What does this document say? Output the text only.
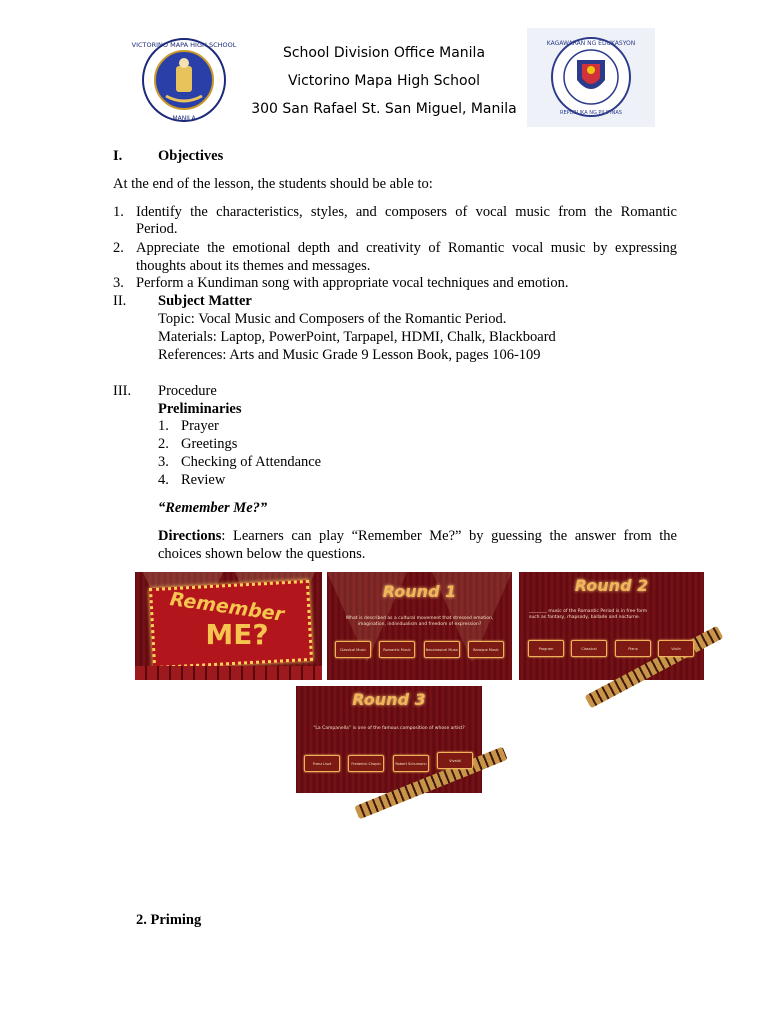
VICTORINO MAPA HIGH SCHOOL
MANILA
School Division Office Manila
Victorino Mapa High School
300 San Rafael St. San Miguel, Manila
KAGAWARAN NG EDUKASYON
REPUBLIKA NG PILIPINAS
I. Objectives
At the end of the lesson, the students should be able to:
1. Identify the characteristics, styles, and composers of vocal music from the Romantic
Period.
2. Appreciate the emotional depth and creativity of Romantic vocal music by expressing
thoughts about its themes and messages.
3. Perform a Kundiman song with appropriate vocal techniques and emotion.
II. Subject Matter
Topic: Vocal Music and Composers of the Romantic Period.
Materials: Laptop, PowerPoint, Tarpapel, HDMI, Chalk, Blackboard
References: Arts and Music Grade 9 Lesson Book, pages 106-109
III. Procedure
Preliminaries
1. Prayer
2. Greetings
3. Checking of Attendance
4. Review
“Remember Me?”
Directions: Learners can play “Remember Me?” by guessing the answer from the
choices shown below the questions.
Remember
ME?
Round 1
What is described as a cultural movement that stressed emotion, imagination, individualism and freedom of expression?
Classical Music	Romantic Music	Neoclassical Music	Baroque Music
Round 2
________ music of the Romantic Period is in free form such as fantasy, rhapsody, ballade and nocturne.
Program	Classical	Piano	Violin
Round 3
“La Campanella” is one of the famous composition of whose artist?
Franz Liszt	Frederick Chopin	Robert Schumann
Vivaldi
2. Priming
